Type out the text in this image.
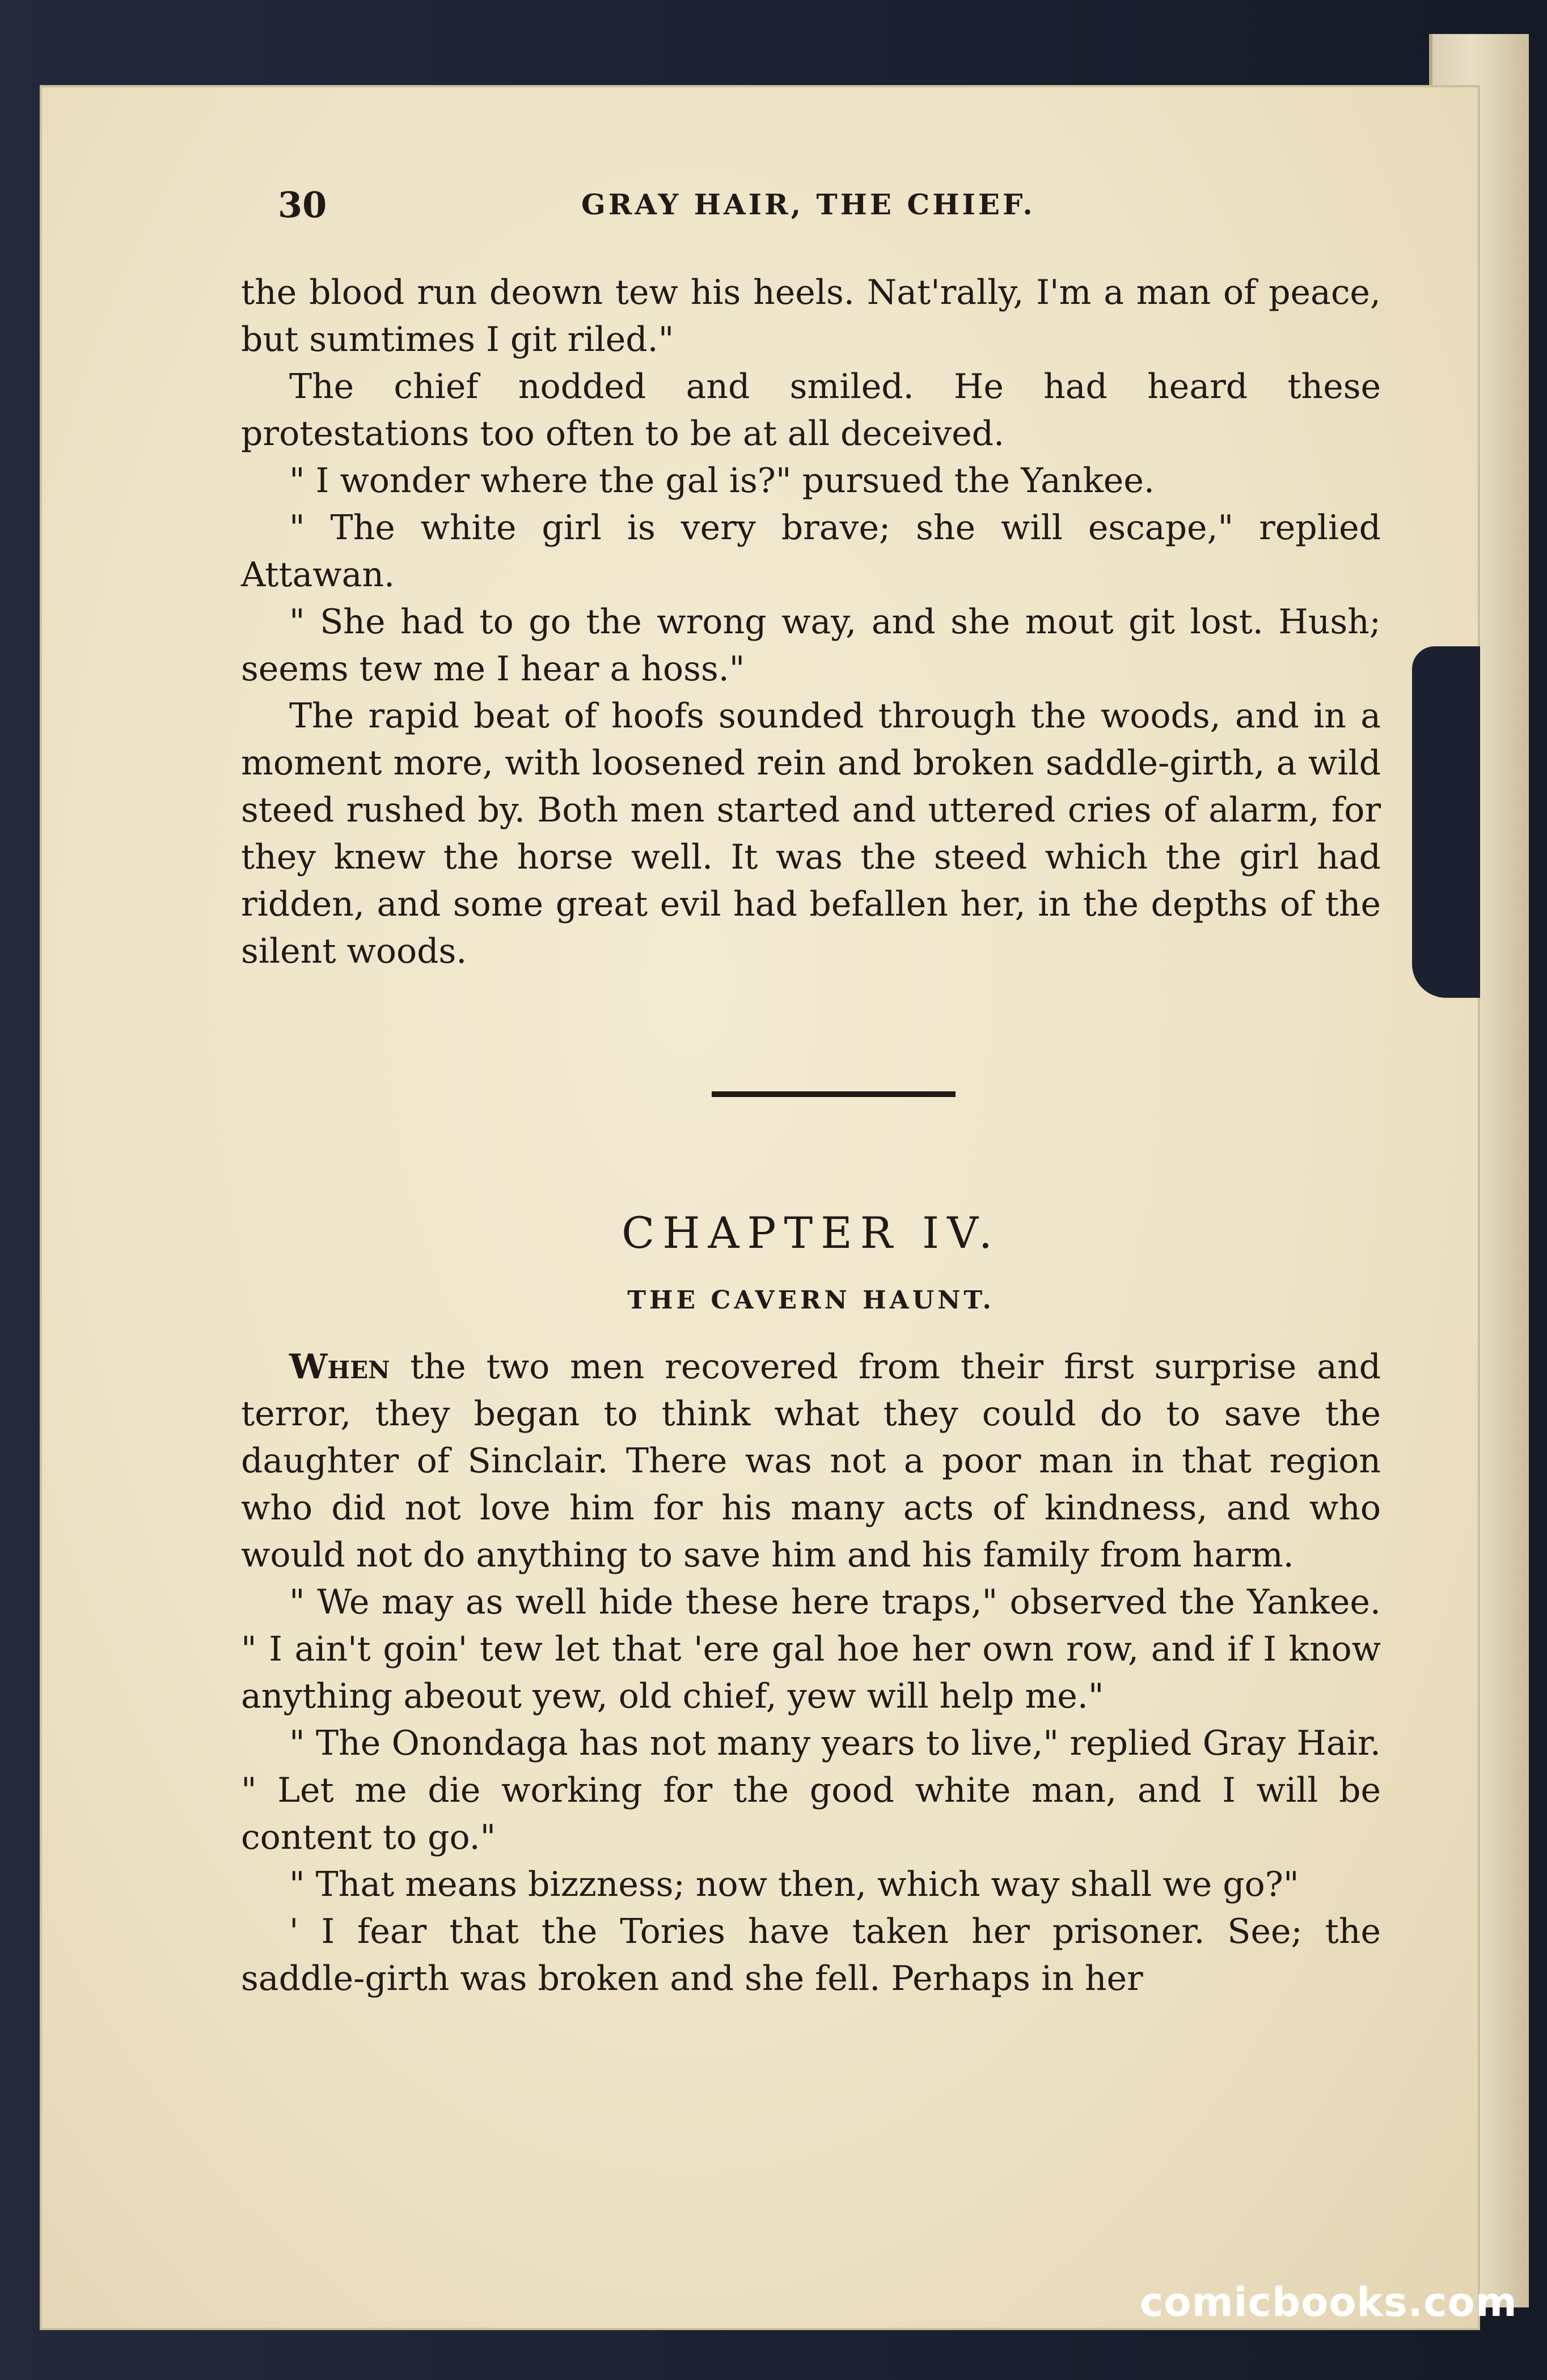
30	GRAY HAIR, THE CHIEF.

the blood run deown tew his heels. Nat'rally, I'm a man of peace, but sumtimes I git riled."

The chief nodded and smiled. He had heard these protestations too often to be at all deceived.

" I wonder where the gal is?" pursued the Yankee.

" The white girl is very brave; she will escape," replied Attawan.

" She had to go the wrong way, and she mout git lost. Hush; seems tew me I hear a hoss."

The rapid beat of hoofs sounded through the woods, and in a moment more, with loosened rein and broken saddle-girth, a wild steed rushed by. Both men started and uttered cries of alarm, for they knew the horse well. It was the steed which the girl had ridden, and some great evil had befallen her, in the depths of the silent woods.

CHAPTER IV.
THE CAVERN HAUNT.

When the two men recovered from their first surprise and terror, they began to think what they could do to save the daughter of Sinclair. There was not a poor man in that region who did not love him for his many acts of kindness, and who would not do anything to save him and his family from harm.

" We may as well hide these here traps," observed the Yankee. " I ain't goin' tew let that 'ere gal hoe her own row, and if I know anything abeout yew, old chief, yew will help me."

" The Onondaga has not many years to live," replied Gray Hair. " Let me die working for the good white man, and I will be content to go."

" That means bizzness; now then, which way shall we go?"

' I fear that the Tories have taken her prisoner. See; the saddle-girth was broken and she fell. Perhaps in her

comicbooks.com
